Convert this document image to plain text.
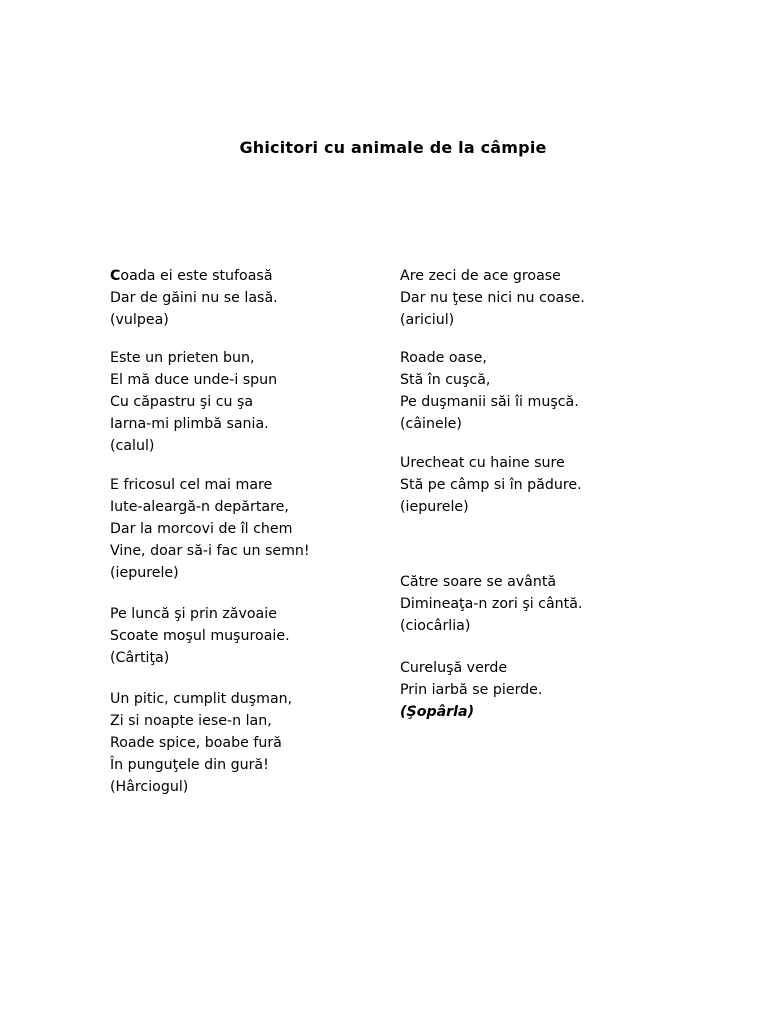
Ghicitori cu animale de la câmpie
Coada ei este stufoasă
Dar de găini nu se lasă.
(vulpea)
Este un prieten bun,
El mă duce unde-i spun
Cu căpastru şi cu şa
Iarna-mi plimbă sania.
(calul)
E fricosul cel mai mare
Iute-aleargă-n depărtare,
Dar la morcovi de îl chem
Vine, doar să-i fac un semn!
(iepurele)
Pe luncă şi prin zăvoaie
Scoate moşul muşuroaie.
(Cârtiţa)
Un pitic, cumplit duşman,
Zi si noapte iese-n lan,
Roade spice, boabe fură
În punguţele din gură!
(Hârciogul)
Are zeci de ace groase
Dar nu ţese nici nu coase.
(ariciul)
Roade oase,
Stă în cuşcă,
Pe duşmanii săi îi muşcă.
(câinele)
Urecheat cu haine sure
Stă pe câmp si în pădure.
(iepurele)
Către soare se avântă
Dimineaţa-n zori şi cântă.
(ciocârlia)
Cureluşă verde
Prin iarbă se pierde.
(Şopârla)
